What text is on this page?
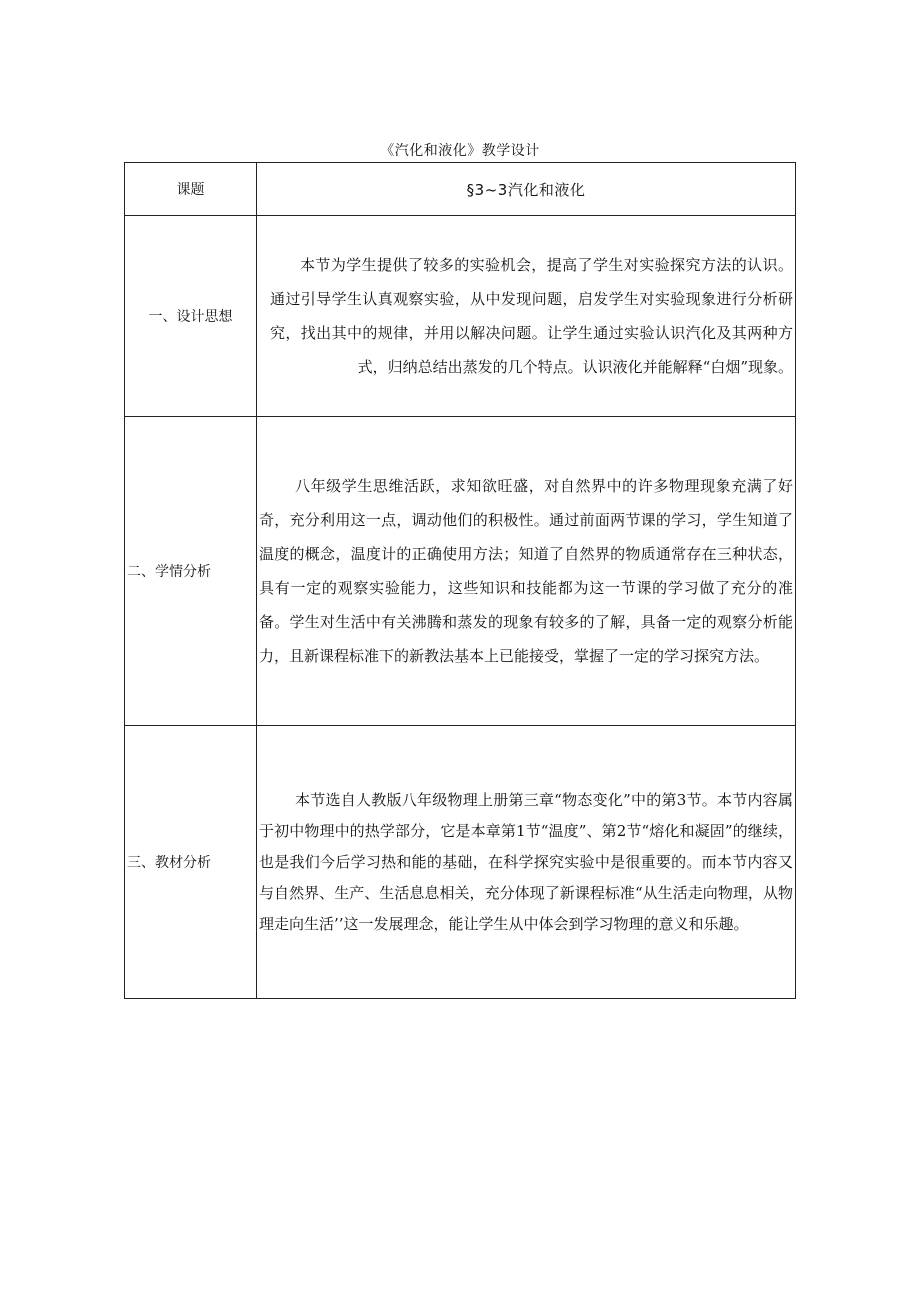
《汽化和液化》教学设计
课题	§3~3汽化和液化
一、设计思想	本节为学生提供了较多的实验机会，提高了学生对实验探究方法的认识。通过引导学生认真观察实验，从中发现问题，启发学生对实验现象进行分析研究，找出其中的规律，并用以解决问题。让学生通过实验认识汽化及其两种方式，归纳总结出蒸发的几个特点。认识液化并能解释“白烟”现象。

二、学情分析	八年级学生思维活跃，求知欲旺盛，对自然界中的许多物理现象充满了好奇，充分利用这一点，调动他们的积极性。通过前面两节课的学习，学生知道了温度的概念，温度计的正确使用方法；知道了自然界的物质通常存在三种状态，具有一定的观察实验能力，这些知识和技能都为这一节课的学习做了充分的准备。学生对生活中有关沸腾和蒸发的现象有较多的了解，具备一定的观察分析能力，且新课程标准下的新教法基本上已能接受，掌握了一定的学习探究方法。

三、教材分析	本节选自人教版八年级物理上册第三章“物态变化”中的第3节。本节内容属于初中物理中的热学部分，它是本章第1节“温度”、第2节“熔化和凝固”的继续，也是我们今后学习热和能的基础，在科学探究实验中是很重要的。而本节内容又与自然界、生产、生活息息相关，充分体现了新课程标准“从生活走向物理，从物理走向生活’’这一发展理念，能让学生从中体会到学习物理的意义和乐趣。
